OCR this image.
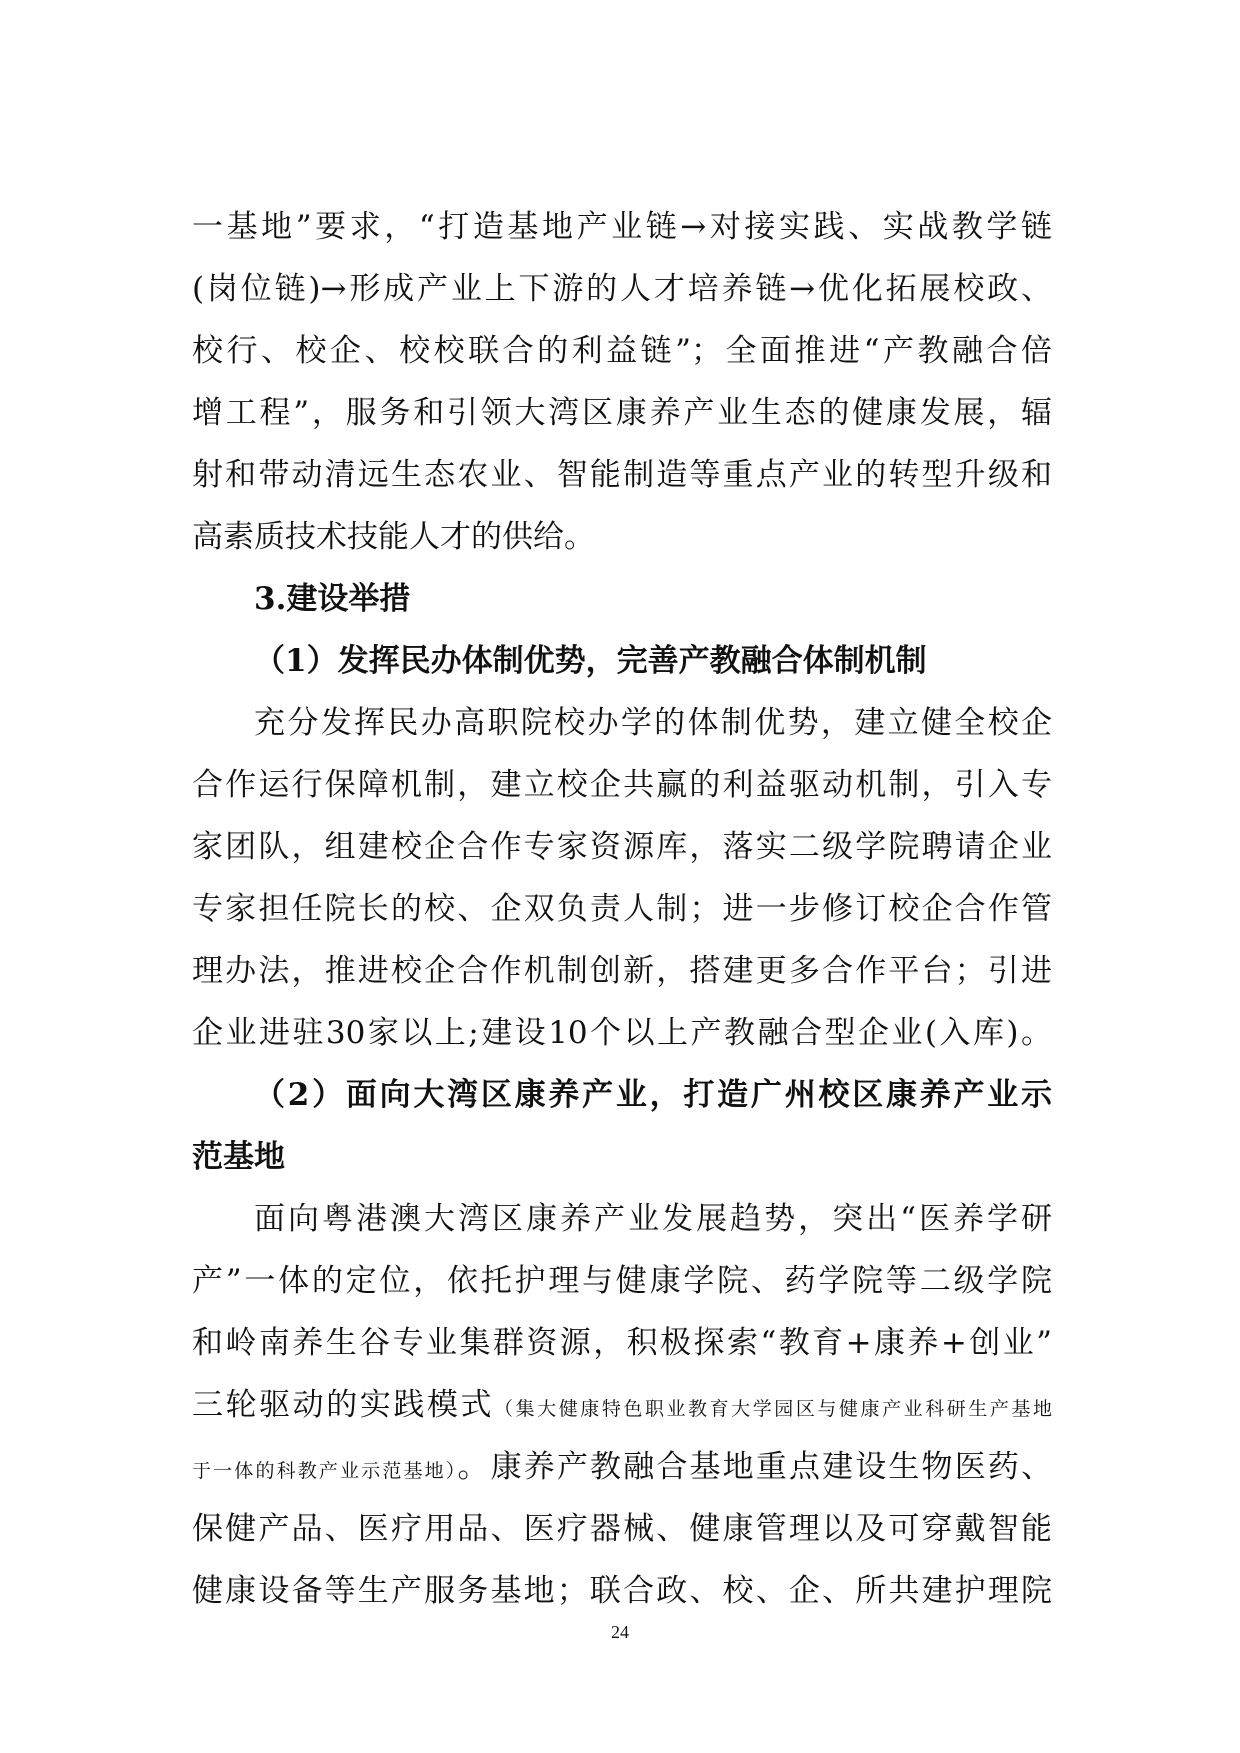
一基地”要求，“打造基地产业链→对接实践、实战教学链
(岗位链)→形成产业上下游的人才培养链→优化拓展校政、
校行、校企、校校联合的利益链”；全面推进“产教融合倍
增工程”，服务和引领大湾区康养产业生态的健康发展，辐
射和带动清远生态农业、智能制造等重点产业的转型升级和
高素质技术技能人才的供给。
3.建设举措
（1）发挥民办体制优势，完善产教融合体制机制
充分发挥民办高职院校办学的体制优势，建立健全校企
合作运行保障机制，建立校企共赢的利益驱动机制，引入专
家团队，组建校企合作专家资源库，落实二级学院聘请企业
专家担任院长的校、企双负责人制；进一步修订校企合作管
理办法，推进校企合作机制创新，搭建更多合作平台；引进
企业进驻30家以上;建设10个以上产教融合型企业(入库)。
（2）面向大湾区康养产业，打造广州校区康养产业示
范基地
面向粤港澳大湾区康养产业发展趋势，突出“医养学研
产”一体的定位，依托护理与健康学院、药学院等二级学院
和岭南养生谷专业集群资源，积极探索“教育+康养+创业”
三轮驱动的实践模式（集大健康特色职业教育大学园区与健康产业科研生产基地
于一体的科教产业示范基地）。康养产教融合基地重点建设生物医药、
保健产品、医疗用品、医疗器械、健康管理以及可穿戴智能
健康设备等生产服务基地；联合政、校、企、所共建护理院
24
